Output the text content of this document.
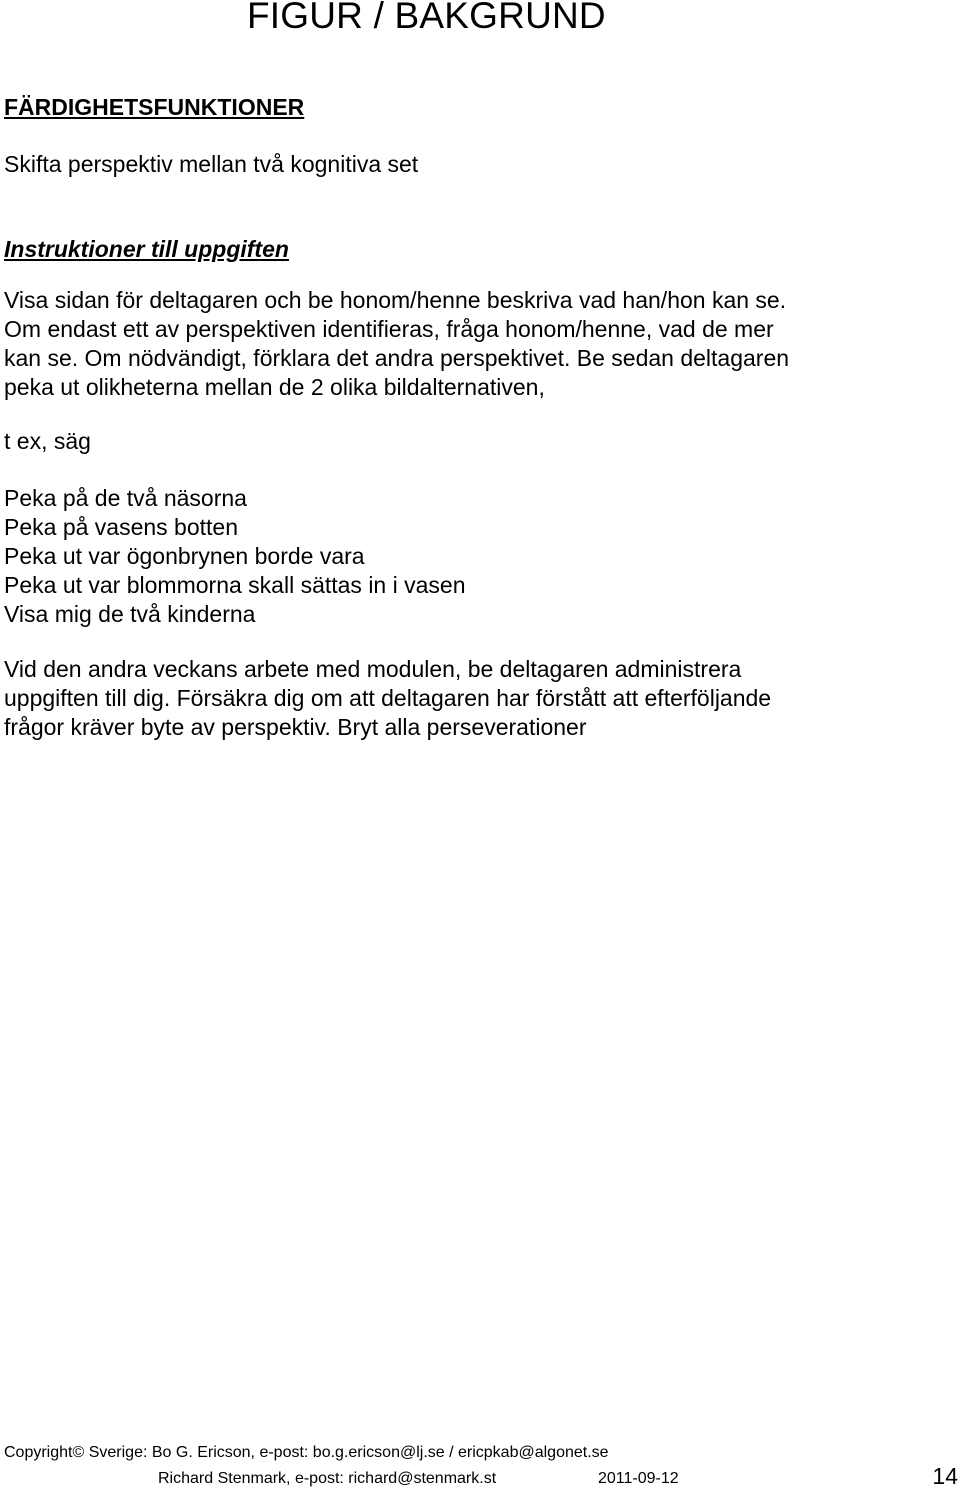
FIGUR / BAKGRUND
FÄRDIGHETSFUNKTIONER

Skifta perspektiv mellan två kognitiva set

Instruktioner till uppgiften

Visa sidan för deltagaren och be honom/henne beskriva vad han/hon kan se.
Om endast ett av perspektiven identifieras, fråga honom/henne, vad de mer
kan se. Om nödvändigt, förklara det andra perspektivet. Be sedan deltagaren
peka ut olikheterna mellan de 2 olika bildalternativen,

t ex, säg

Peka på de två näsorna
Peka på vasens botten
Peka ut var ögonbrynen borde vara
Peka ut var blommorna skall sättas in i vasen
Visa mig de två kinderna

Vid den andra veckans arbete med modulen, be deltagaren administrera
uppgiften till dig. Försäkra dig om att deltagaren har förstått att efterföljande
frågor kräver byte av perspektiv. Bryt alla perseverationer

Copyright© Sverige: Bo G. Ericson, e-post: bo.g.ericson@lj.se / ericpkab@algonet.se
Richard Stenmark, e-post: richard@stenmark.st	2011-09-12	14
